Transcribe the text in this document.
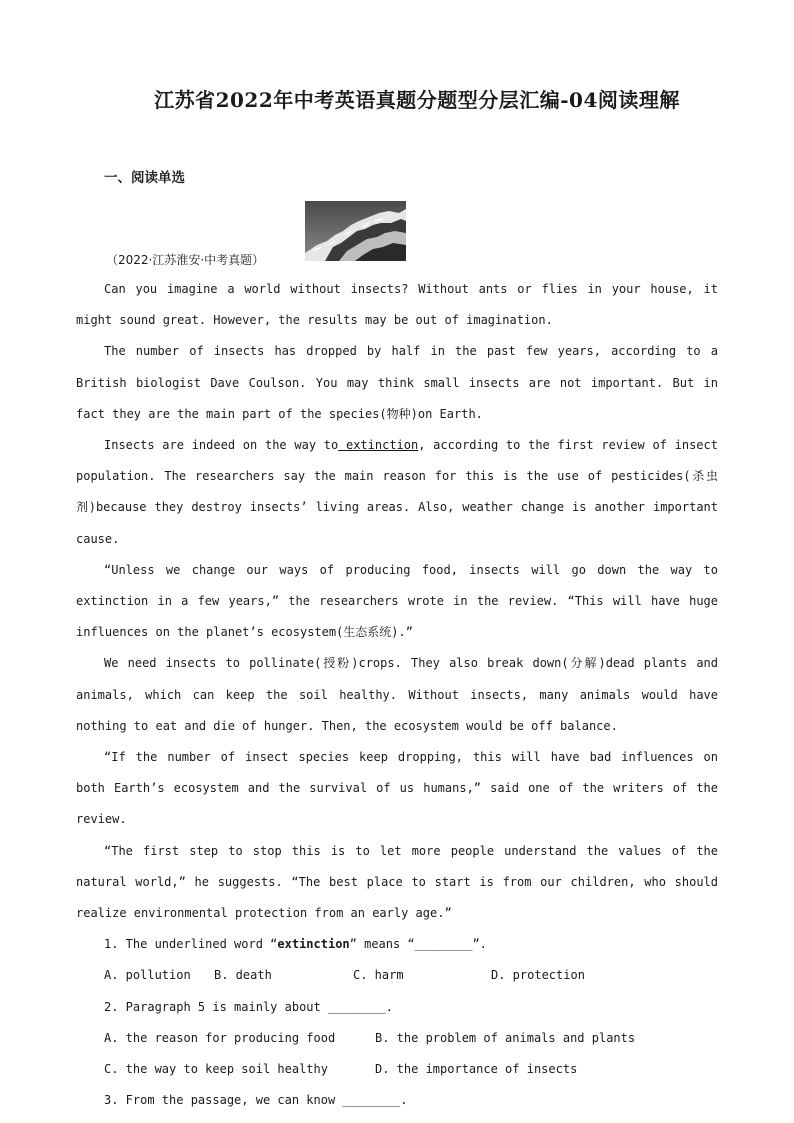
江苏省2022年中考英语真题分题型分层汇编-04阅读理解
一、阅读单选
（2022·江苏淮安·中考真题）

Can you imagine a world without insects? Without ants or flies in your house, it might sound great. However, the results may be out of imagination.

The number of insects has dropped by half in the past few years, according to a British biologist Dave Coulson. You may think small insects are not important. But in fact they are the main part of the species(物种)on Earth.

Insects are indeed on the way to extinction, according to the first review of insect population. The researchers say the main reason for this is the use of pesticides(杀虫剂)because they destroy insects’ living areas. Also, weather change is another important cause.

“Unless we change our ways of producing food, insects will go down the way to extinction in a few years,” the researchers wrote in the review. “This will have huge influences on the planet’s ecosystem(生态系统).”

We need insects to pollinate(授粉)crops. They also break down(分解)dead plants and animals, which can keep the soil healthy. Without insects, many animals would have nothing to eat and die of hunger. Then, the ecosystem would be off balance.

“If the number of insect species keep dropping, this will have bad influences on both Earth’s ecosystem and the survival of us humans,” said one of the writers of the review.

“The first step to stop this is to let more people understand the values of the natural world,” he suggests. “The best place to start is from our children, who should realize environmental protection from an early age.”

1. The underlined word “extinction” means “________”.

A. pollution B. death	C. harm	D. protection

2. Paragraph 5 is mainly about ________.

A. the reason for producing food	B. the problem of animals and plants

C. the way to keep soil healthy	D. the importance of insects

3. From the passage, we can know ________.
